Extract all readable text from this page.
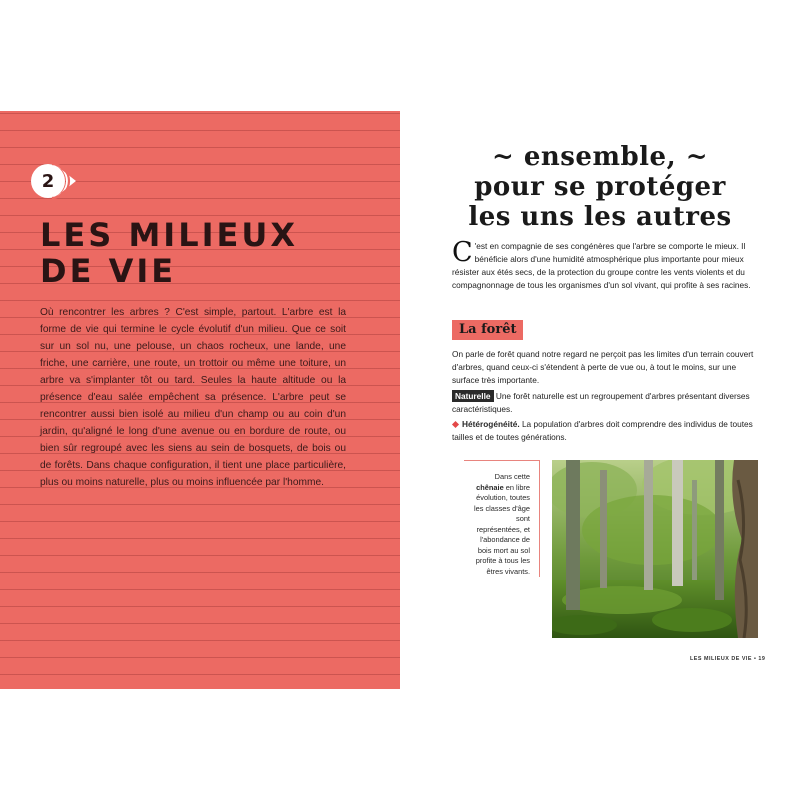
2
LES MILIEUX
DE VIE

Où rencontrer les arbres ? C'est simple, partout. L'arbre est la forme de vie qui termine le cycle évolutif d'un milieu. Que ce soit sur un sol nu, une pelouse, un chaos rocheux, une lande, une friche, une carrière, une route, un trottoir ou même une toiture, un arbre va s'implanter tôt ou tard. Seules la haute altitude ou la présence d'eau salée empêchent sa présence. L'arbre peut se rencontrer aussi bien isolé au milieu d'un champ ou au coin d'un jardin, qu'aligné le long d'une avenue ou en bordure de route, ou bien sûr regroupé avec les siens au sein de bosquets, de bois ou de forêts. Dans chaque configuration, il tient une place particulière, plus ou moins naturelle, plus ou moins influencée par l'homme.

~ ensemble, ~
pour se protéger
les uns les autres

C 'est en compagnie de ses congénères que l'arbre se comporte le mieux. Il bénéficie alors d'une humidité atmosphérique plus importante pour mieux résister aux étés secs, de la protection du groupe contre les vents violents et du compagnonnage de tous les organismes d'un sol vivant, qui profite à ses racines.

La forêt

On parle de forêt quand notre regard ne perçoit pas les limites d'un terrain couvert d'arbres, quand ceux-ci s'étendent à perte de vue ou, à tout le moins, sur une surface très importante.

Naturelle Une forêt naturelle est un regroupement d'arbres présentant diverses caractéristiques.

Hétérogénéité. La population d'arbres doit comprendre des individus de toutes tailles et de toutes générations.

Dans cette chênaie en libre évolution, toutes les classes d'âge sont représentées, et l'abondance de bois mort au sol profite à tous les êtres vivants.

LES MILIEUX DE VIE • 19
